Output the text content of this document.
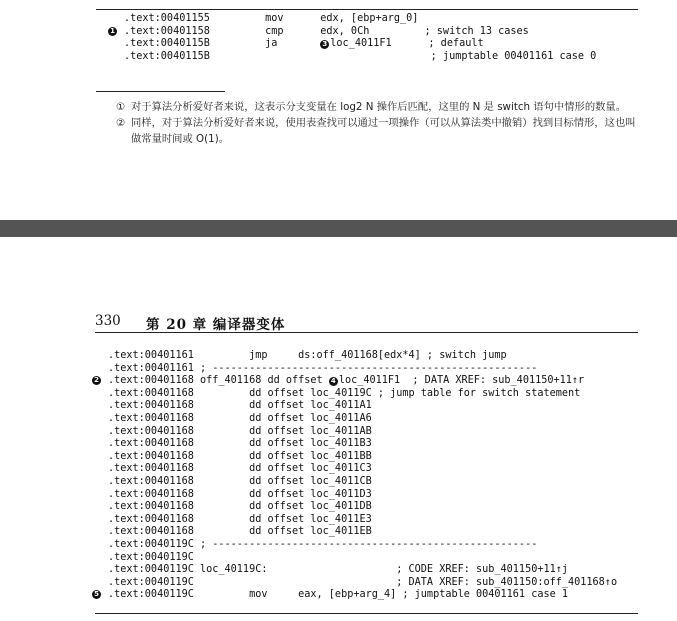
.text:00401155         mov      edx, [ebp+arg_0]
1 .text:00401158         cmp      edx, 0Ch         ; switch 13 cases
.text:0040115B         ja       3 loc_4011F1      ; default
.text:0040115B                                    ; jumptable 00401161 case 0
① 对于算法分析爱好者来说，这表示分支变量在 log2 N 操作后匹配，这里的 N 是 switch 语句中情形的数量。
② 同样，对于算法分析爱好者来说，使用表查找可以通过一项操作（可以从算法类中撤销）找到目标情形，这也叫
做常量时间或 O(1)。
330 第 20 章 编译器变体
.text:00401161         jmp     ds:off_401168[edx*4] ; switch jump
.text:00401161 ; -----------------------------------------------------
2 .text:00401168 off_401168 dd offset 4 loc_4011F1  ; DATA XREF: sub_401150+11↑r
.text:00401168         dd offset loc_40119C ; jump table for switch statement
.text:00401168         dd offset loc_4011A1
.text:00401168         dd offset loc_4011A6
.text:00401168         dd offset loc_4011AB
.text:00401168         dd offset loc_4011B3
.text:00401168         dd offset loc_4011BB
.text:00401168         dd offset loc_4011C3
.text:00401168         dd offset loc_4011CB
.text:00401168         dd offset loc_4011D3
.text:00401168         dd offset loc_4011DB
.text:00401168         dd offset loc_4011E3
.text:00401168         dd offset loc_4011EB
.text:0040119C ; -----------------------------------------------------
.text:0040119C
.text:0040119C loc_40119C:                     ; CODE XREF: sub_401150+11↑j
.text:0040119C                                 ; DATA XREF: sub_401150:off_401168↑o
5 .text:0040119C         mov     eax, [ebp+arg_4] ; jumptable 00401161 case 1
